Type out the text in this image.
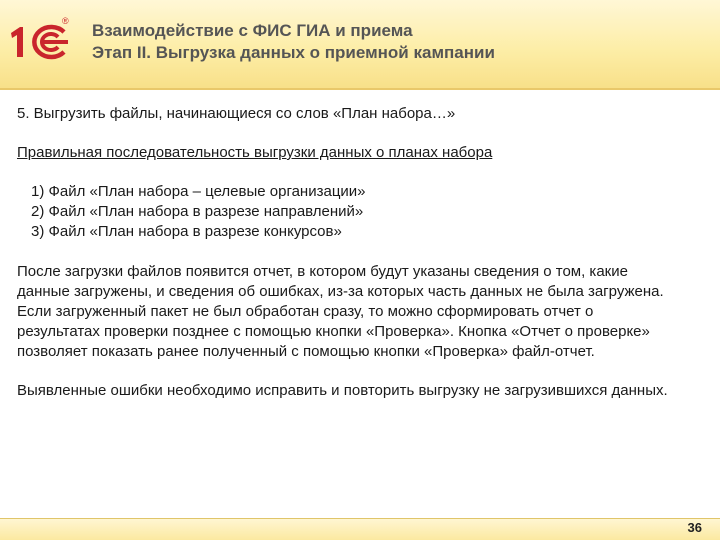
® Взаимодействие с ФИС ГИА и приема
Этап II. Выгрузка данных о приемной кампании

5. Выгрузить файлы, начинающиеся со слов «План набора…»

Правильная последовательность выгрузки данных о планах набора

1) Файл «План набора – целевые организации»
2) Файл «План набора в разрезе направлений»
3) Файл «План набора в разрезе конкурсов»

После загрузки файлов появится отчет, в котором будут указаны сведения о том, какие данные загружены, и сведения об ошибках, из-за которых часть данных не была загружена. Если загруженный пакет не был обработан сразу, то можно сформировать отчет о результатах проверки позднее с помощью кнопки «Проверка». Кнопка «Отчет о проверке» позволяет показать ранее полученный с помощью кнопки «Проверка» файл-отчет.

Выявленные ошибки необходимо исправить и повторить выгрузку не загрузившихся данных.

36
